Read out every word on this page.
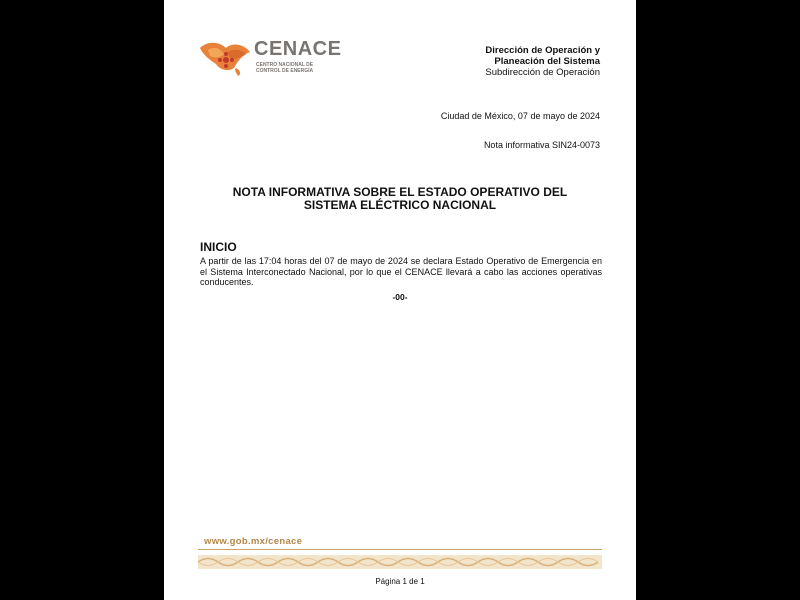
CENACE
CENTRO NACIONAL DE CONTROL DE ENERGÍA
Dirección de Operación y
Planeación del Sistema
Subdirección de Operación
Ciudad de México, 07 de mayo de 2024
Nota informativa SIN24-0073
NOTA INFORMATIVA SOBRE EL ESTADO OPERATIVO DEL
SISTEMA ELÉCTRICO NACIONAL
INICIO
A partir de las 17:04 horas del 07 de mayo de 2024 se declara Estado Operativo de Emergencia en el Sistema Interconectado Nacional, por lo que el CENACE llevará a cabo las acciones operativas conducentes.
-00-
www.gob.mx/cenace
Página 1 de 1
